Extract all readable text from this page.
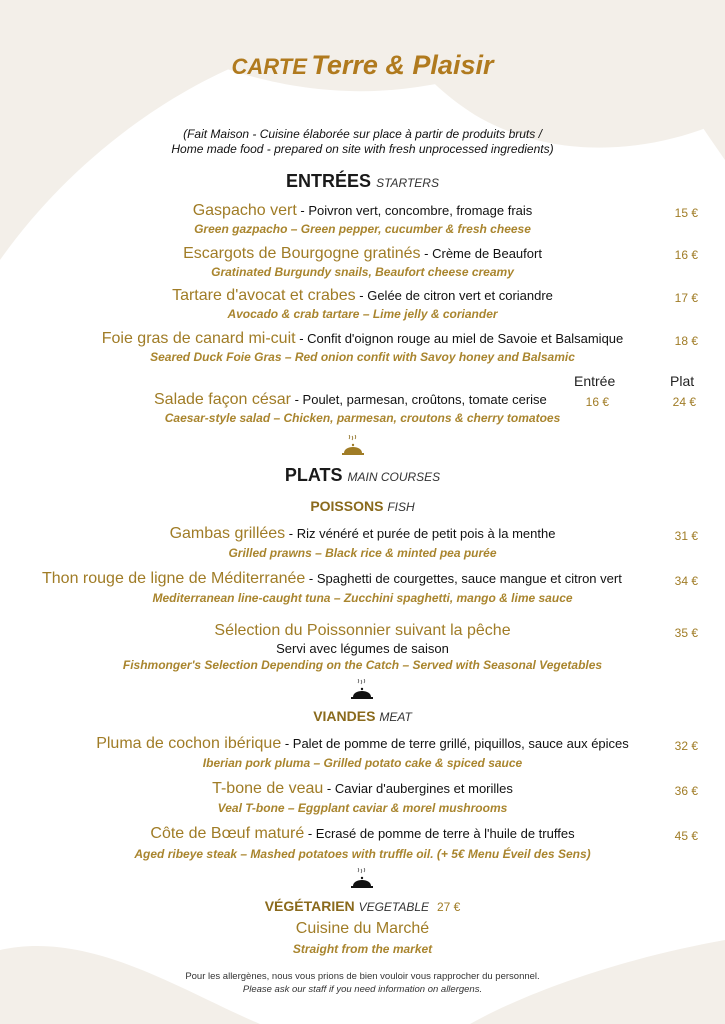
CARTE Terre & Plaisir
(Fait Maison - Cuisine élaborée sur place à partir de produits bruts /
Home made food - prepared on site with fresh unprocessed ingredients)
ENTRÉES STARTERS
Gaspacho vert - Poivron vert, concombre, fromage frais	15 €
Green gazpacho – Green pepper, cucumber & fresh cheese
Escargots de Bourgogne gratinés - Crème de Beaufort	16 €
Gratinated Burgundy snails, Beaufort cheese creamy
Tartare d'avocat et crabes - Gelée de citron vert et coriandre	17 €
Avocado & crab tartare – Lime jelly & coriander
Foie gras de canard mi-cuit - Confit d'oignon rouge au miel de Savoie et Balsamique	18 €
Seared Duck Foie Gras – Red onion confit with Savoy honey and Balsamic
Entrée	Plat
Salade façon césar - Poulet, parmesan, croûtons, tomate cerise	16 €	24 €
Caesar-style salad – Chicken, parmesan, croutons & cherry tomatoes
PLATS MAIN COURSES
POISSONS FISH
Gambas grillées - Riz vénéré et purée de petit pois à la menthe	31 €
Grilled prawns – Black rice & minted pea purée
Thon rouge de ligne de Méditerranée - Spaghetti de courgettes, sauce mangue et citron vert	34 €
Mediterranean line-caught tuna – Zucchini spaghetti, mango & lime sauce
Sélection du Poissonnier suivant la pêche	35 €
Servi avec légumes de saison
Fishmonger's Selection Depending on the Catch – Served with Seasonal Vegetables
VIANDES MEAT
Pluma de cochon ibérique - Palet de pomme de terre grillé, piquillos, sauce aux épices	32 €
Iberian pork pluma – Grilled potato cake & spiced sauce
T-bone de veau - Caviar d'aubergines et morilles	36 €
Veal T-bone – Eggplant caviar & morel mushrooms
Côte de Bœuf maturé - Ecrasé de pomme de terre à l'huile de truffes	45 €
Aged ribeye steak – Mashed potatoes with truffle oil. (+ 5€ Menu Éveil des Sens)
VÉGÉTARIEN VEGETABLE 27 €
Cuisine du Marché
Straight from the market
Pour les allergènes, nous vous prions de bien vouloir vous rapprocher du personnel.
Please ask our staff if you need information on allergens.
